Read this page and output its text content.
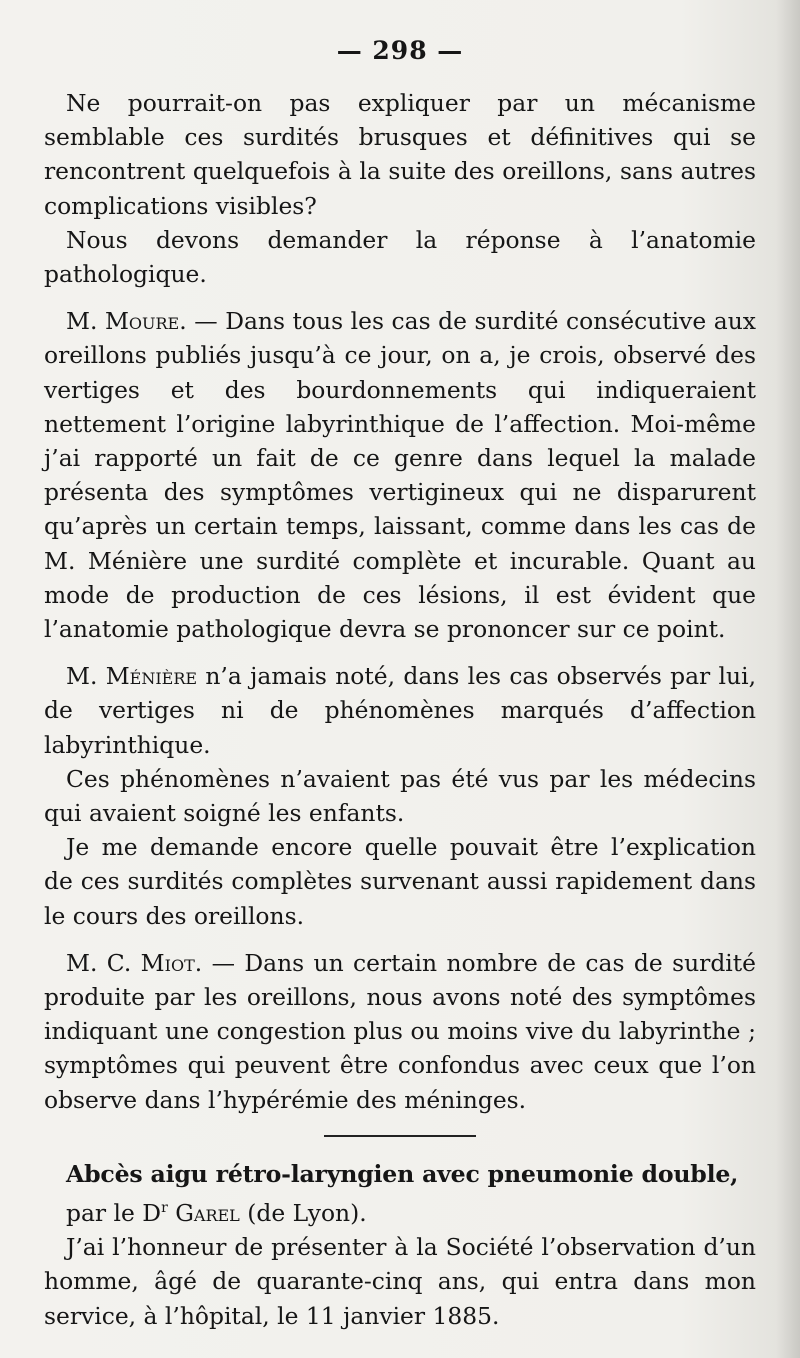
— 298 —

Ne pourrait-on pas expliquer par un mécanisme semblable ces surdités brusques et définitives qui se rencontrent quelquefois à la suite des oreillons, sans autres complications visibles?

Nous devons demander la réponse à l’anatomie pathologique.

M. Moure. — Dans tous les cas de surdité consécutive aux oreillons publiés jusqu’à ce jour, on a, je crois, observé des vertiges et des bourdonnements qui indiqueraient nettement l’origine labyrinthique de l’affection. Moi-même j’ai rapporté un fait de ce genre dans lequel la malade présenta des symptômes vertigineux qui ne disparurent qu’après un certain temps, laissant, comme dans les cas de M. Ménière une surdité complète et incurable. Quant au mode de production de ces lésions, il est évident que l’anatomie pathologique devra se prononcer sur ce point.

M. Ménière n’a jamais noté, dans les cas observés par lui, de vertiges ni de phénomènes marqués d’affection labyrinthique.

Ces phénomènes n’avaient pas été vus par les médecins qui avaient soigné les enfants.

Je me demande encore quelle pouvait être l’explication de ces surdités complètes survenant aussi rapidement dans le cours des oreillons.

M. C. Miot. — Dans un certain nombre de cas de surdité produite par les oreillons, nous avons noté des symptômes indiquant une congestion plus ou moins vive du labyrinthe ; symptômes qui peuvent être confondus avec ceux que l’on observe dans l’hypérémie des méninges.

Abcès aigu rétro-laryngien avec pneumonie double,

par le $D^r$ Garel (de Lyon).

J’ai l’honneur de présenter à la Société l’observation d’un homme, âgé de quarante-cinq ans, qui entra dans mon service, à l’hôpital, le 11 janvier 1885.
